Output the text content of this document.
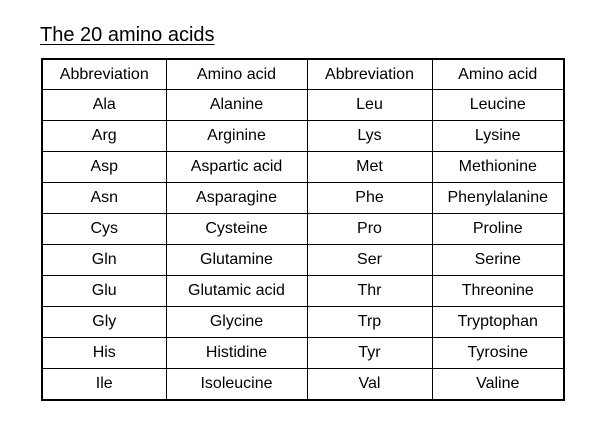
The 20 amino acids
Abbreviation	Amino acid	Abbreviation	Amino acid
Ala	Alanine	Leu	Leucine
Arg	Arginine	Lys	Lysine
Asp	Aspartic acid	Met	Methionine
Asn	Asparagine	Phe	Phenylalanine
Cys	Cysteine	Pro	Proline
Gln	Glutamine	Ser	Serine
Glu	Glutamic acid	Thr	Threonine
Gly	Glycine	Trp	Tryptophan
His	Histidine	Tyr	Tyrosine
Ile	Isoleucine	Val	Valine
